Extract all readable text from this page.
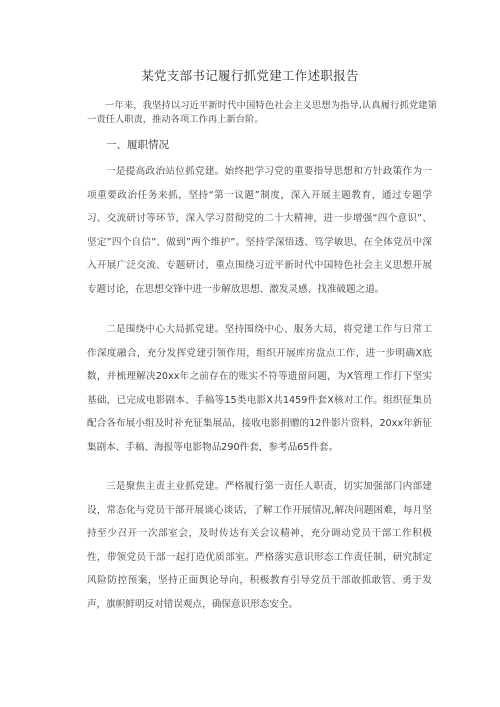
某党支部书记履行抓党建工作述职报告
一年来，我坚持以习近平新时代中国特色社会主义思想为指导,认真履行抓党建第一责任人职责，推动各项工作再上新台阶。
一、履职情况
一是提高政治站位抓党建。始终把学习党的重要指导思想和方针政策作为一项重要政治任务来抓，坚持“第一议题”制度，深入开展主题教育，通过专题学习、交流研讨等环节，深入学习贯彻党的二十大精神，进一步增强“四个意识”、坚定”四个自信”、做到”两个维护”。坚持学深悟透、笃学敏思，在全体党员中深入开展广泛交流、专题研讨，重点围绕习近平新时代中国特色社会主义思想开展专题讨论，在思想交锋中进一步解放思想、激发灵感、找准破题之道。
二是围绕中心大局抓党建。坚持围绕中心、服务大局，将党建工作与日常工作深度融合，充分发挥党建引领作用，组织开展库房盘点工作，进一步明确X底数，并梳理解决20xx年之前存在的账实不符等遗留问题，为X管理工作打下坚实基础，已完成电影剧本、手稿等15类电影X共1459件套X核对工作。组织征集员配合各布展小组及时补充征集展品，接收电影捐赠的12件影片资料，20xx年新征集剧本、手稿、海报等电影物品290件套，参考品65件套。
三是聚焦主责主业抓党建。严格履行第一责任人职责，切实加强部门内部建设，常态化与党员干部开展谈心谈话，了解工作开展情况,解决问题困难，每月坚持至少召开一次部室会，及时传达有关会议精神，充分调动党员干部工作积极性，带领党员干部一起打造优质部室。严格落实意识形态工作责任制，研究制定风险防控预案，坚持正面舆论导向，积极教育引导党员干部敢抓敢管、勇于发声，旗帜鲜明反对错误观点，确保意识形态安全。
